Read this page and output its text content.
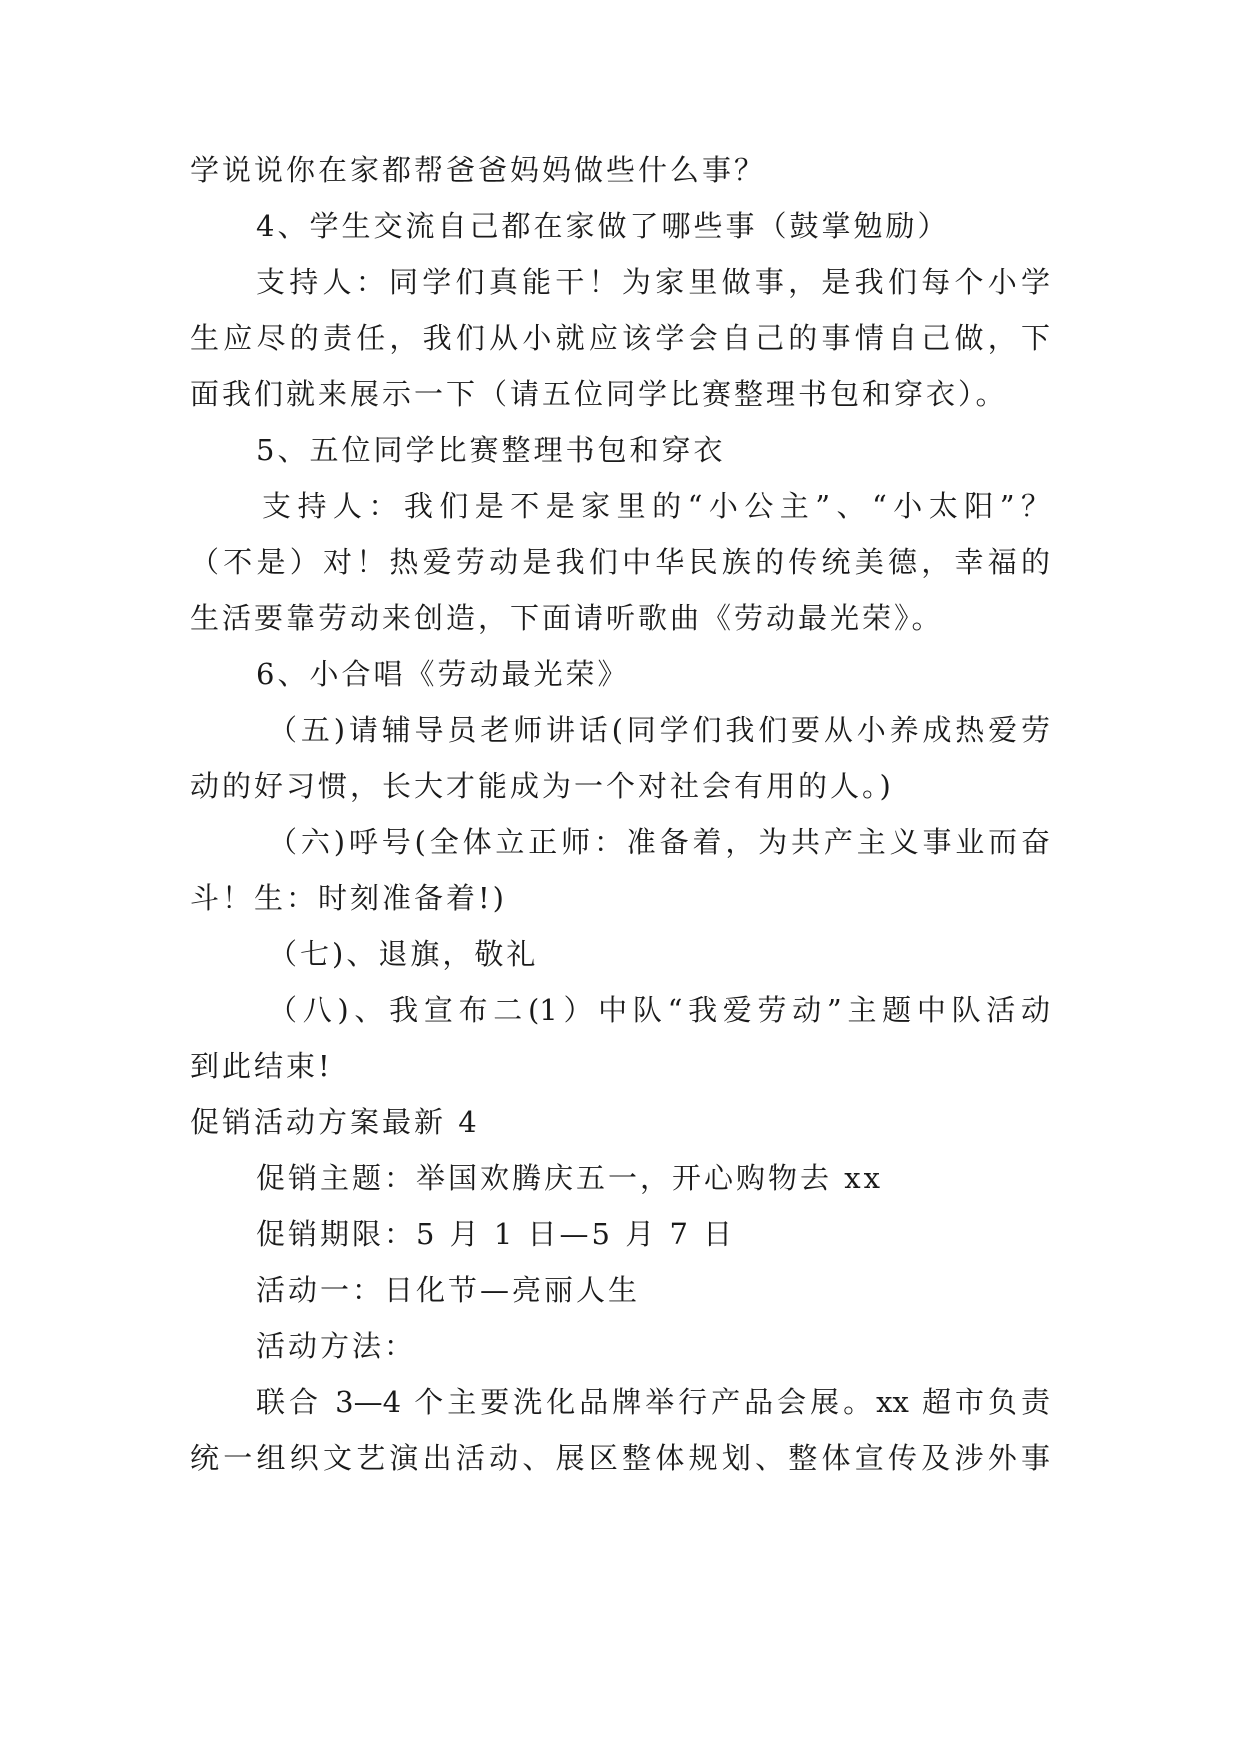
学说说你在家都帮爸爸妈妈做些什么事？
4、学生交流自己都在家做了哪些事（鼓掌勉励）
支持人：同学们真能干！为家里做事，是我们每个小学
生应尽的责任，我们从小就应该学会自己的事情自己做，下
面我们就来展示一下（请五位同学比赛整理书包和穿衣）。
5、五位同学比赛整理书包和穿衣
支持人：我们是不是家里的“小公主”、“小太阳”？
（不是）对！热爱劳动是我们中华民族的传统美德，幸福的
生活要靠劳动来创造，下面请听歌曲《劳动最光荣》。
6、小合唱《劳动最光荣》
（五)请辅导员老师讲话(同学们我们要从小养成热爱劳
动的好习惯，长大才能成为一个对社会有用的人。)
（六)呼号(全体立正师：准备着，为共产主义事业而奋
斗！生：时刻准备着!)
（七)、退旗，敬礼
（八)、我宣布二(1）中队“我爱劳动”主题中队活动
到此结束!
促销活动方案最新 4
促销主题：举国欢腾庆五一，开心购物去 xx
促销期限：5 月 1 日—5 月 7 日
活动一：日化节—亮丽人生
活动方法：
联合 3—4 个主要洗化品牌举行产品会展。xx 超市负责
统一组织文艺演出活动、展区整体规划、整体宣传及涉外事
